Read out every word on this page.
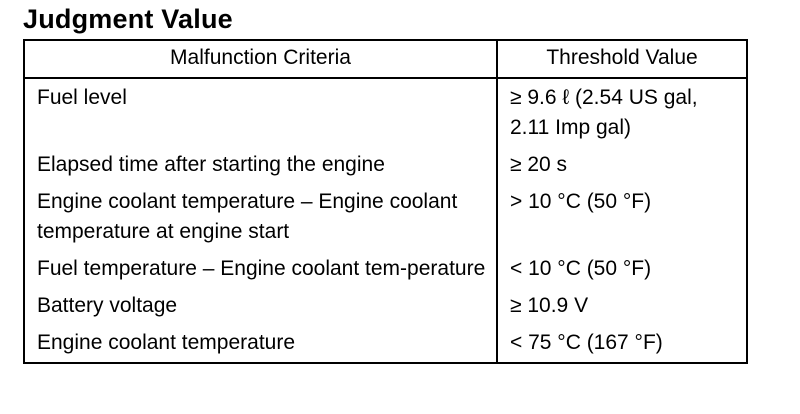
Judgment Value
Malfunction Criteria	Threshold Value
Fuel level	≥ 9.6 ℓ (2.54 US gal, 2.11 Imp gal)
Elapsed time after starting the engine	≥ 20 s
Engine coolant temperature – Engine coolant temperature at engine start	> 10 °C (50 °F)
Fuel temperature – Engine coolant tem-perature	< 10 °C (50 °F)
Battery voltage	≥ 10.9 V
Engine coolant temperature	< 75 °C (167 °F)
